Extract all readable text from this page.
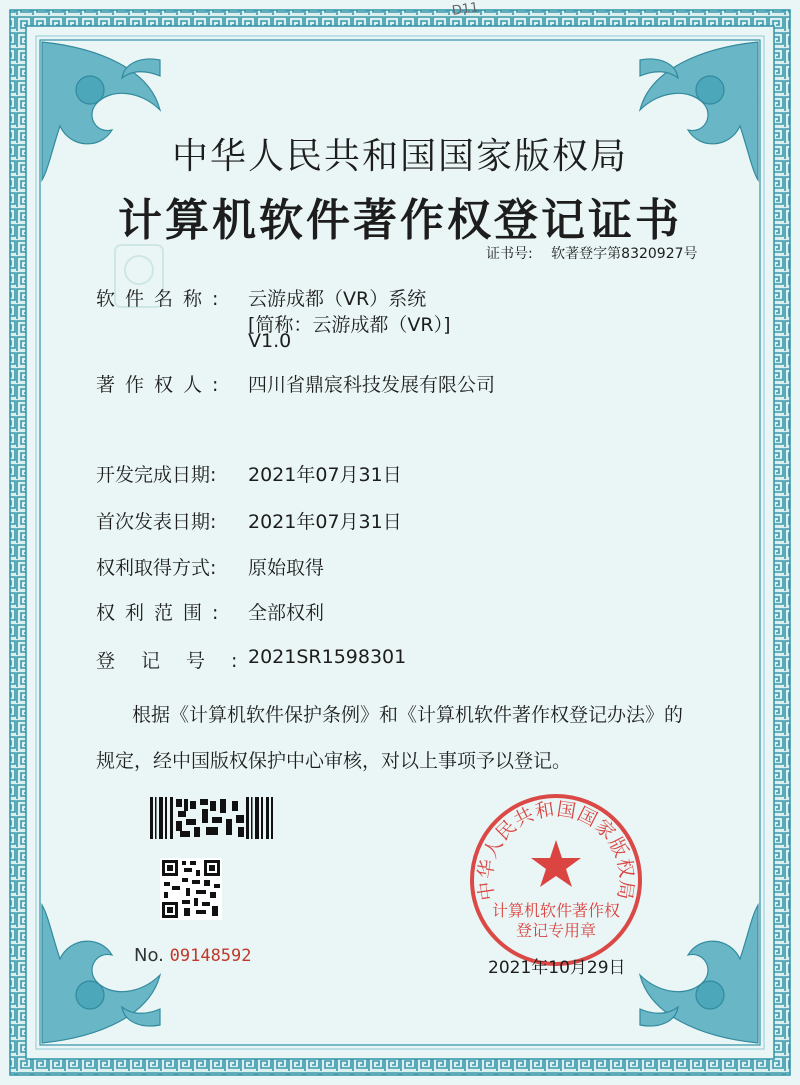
D11
中华人民共和国国家版权局
计算机软件著作权登记证书
证书号: 软著登字第8320927号
软件名称: 云游成都（VR）系统
[简称：云游成都（VR）]
V1.0
著作权人: 四川省鼎宸科技发展有限公司
开发完成日期: 2021年07月31日
首次发表日期: 2021年07月31日
权利取得方式: 原始取得
权利范围: 全部权利
登记号:
2021SR1598301
根据《计算机软件保护条例》和《计算机软件著作权登记办法》的
规定，经中国版权保护中心审核，对以上事项予以登记。
No. 09148592
中华人民共和国国家版权局
计算机软件著作权
登记专用章
2021年10月29日
